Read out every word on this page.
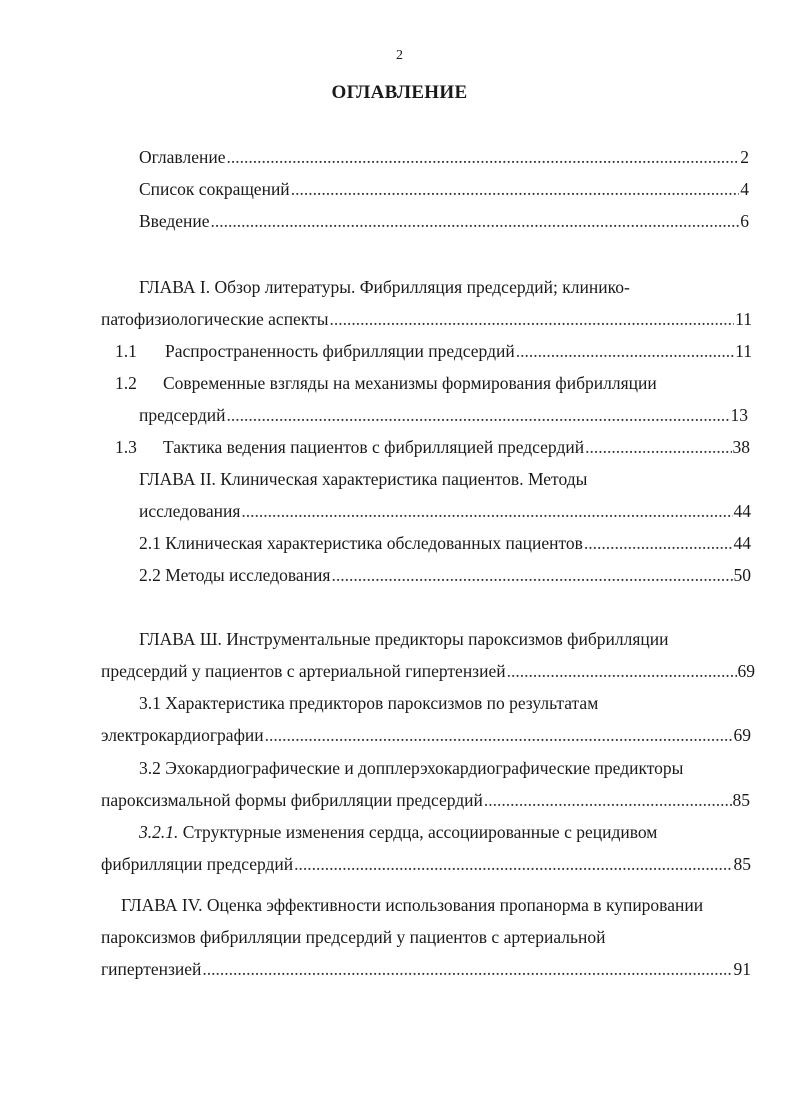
2
ОГЛАВЛЕНИЕ
Оглавление .....	2
Список сокращений .....	4
Введение .....	6
ГЛАВА I. Обзор литературы. Фибрилляция предсердий; клинико-
патофизиологические аспекты .....	11
1.1	Распространенность фибрилляции предсердий .....	11
1.2 Современные взгляды на механизмы формирования фибрилляции
предсердий .....	13
1.3	Тактика ведения пациентов с фибрилляцией предсердий .....	38
ГЛАВА II. Клиническая характеристика пациентов. Методы
исследования .....	44
2.1 Клиническая характеристика обследованных пациентов .....	44
2.2 Методы исследования .....	50
ГЛАВА Ш. Инструментальные предикторы пароксизмов фибрилляции
предсердий у пациентов с артериальной гипертензией .....	69
3.1 Характеристика предикторов пароксизмов по результатам
электрокардиографии .....	69
3.2 Эхокардиографические и допплерэхокардиографические предикторы
пароксизмальной формы фибрилляции предсердий .....	85
3.2.1. Структурные изменения сердца, ассоциированные с рецидивом
фибрилляции предсердий .....	85
ГЛАВА IV. Оценка эффективности использования пропанорма в купировании
пароксизмов фибрилляции предсердий у пациентов с артериальной
гипертензией .....	91
